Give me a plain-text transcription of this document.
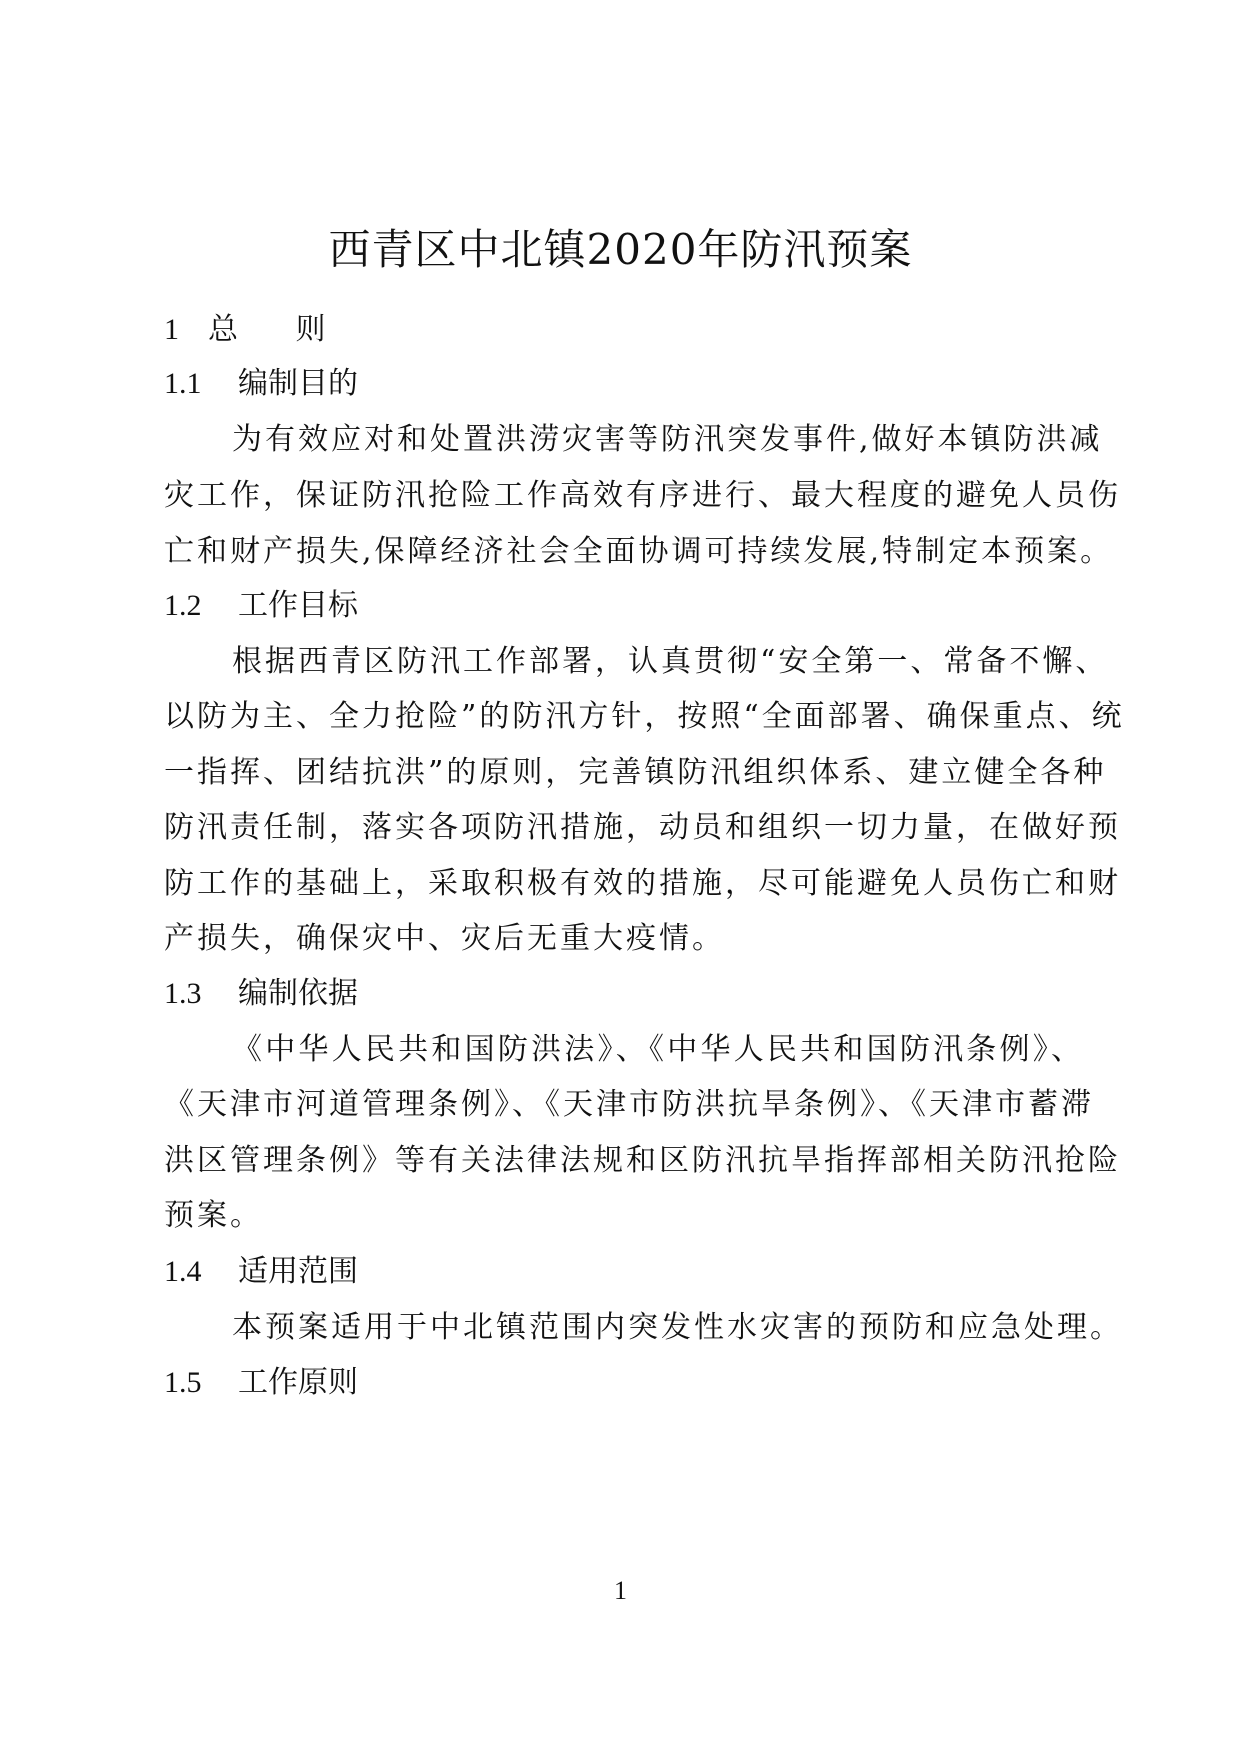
西青区中北镇2020年防汛预案
1 总 则
1.1 编制目的
为有效应对和处置洪涝灾害等防汛突发事件,做好本镇防洪减
灾工作，保证防汛抢险工作高效有序进行、最大程度的避免人员伤
亡和财产损失,保障经济社会全面协调可持续发展,特制定本预案。
1.2 工作目标
根据西青区防汛工作部署，认真贯彻“安全第一、常备不懈、
以防为主、全力抢险”的防汛方针，按照“全面部署、确保重点、统
一指挥、团结抗洪”的原则，完善镇防汛组织体系、建立健全各种
防汛责任制，落实各项防汛措施，动员和组织一切力量，在做好预
防工作的基础上，采取积极有效的措施，尽可能避免人员伤亡和财
产损失，确保灾中、灾后无重大疫情。
1.3 编制依据
《中华人民共和国防洪法》、《中华人民共和国防汛条例》、
《天津市河道管理条例》、《天津市防洪抗旱条例》、《天津市蓄滞
洪区管理条例》等有关法律法规和区防汛抗旱指挥部相关防汛抢险
预案。
1.4 适用范围
本预案适用于中北镇范围内突发性水灾害的预防和应急处理。
1.5 工作原则
1
